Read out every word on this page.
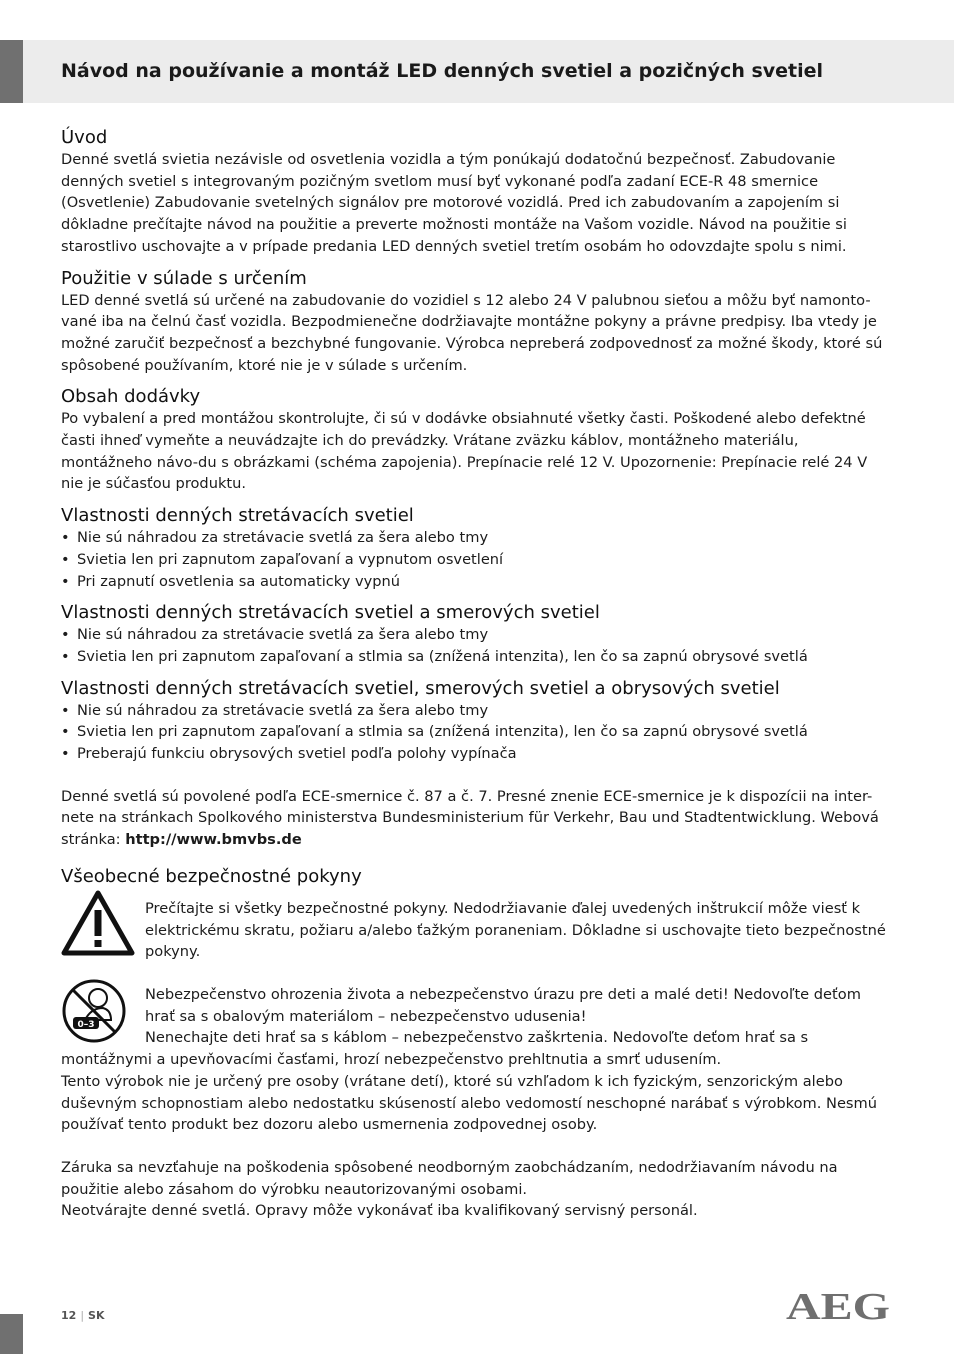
Návod na používanie a montáž LED denných svetiel a pozičných svetiel
Úvod

Denné svetlá svietia nezávisle od osvetlenia vozidla a tým ponúkajú dodatočnú bezpečnosť. Zabudovanie denných svetiel s integrovaným pozičným svetlom musí byť vykonané podľa zadaní ECE-R 48 smernice (Osvetlenie) Zabudovanie svetelných signálov pre motorové vozidlá. Pred ich zabudovaním a zapojením si dôkladne prečítajte návod na použitie a preverte možnosti montáže na Vašom vozidle. Návod na použitie si starostlivo uschovajte a v prípade predania LED denných svetiel tretím osobám ho odovzdajte spolu s nimi.

Použitie v súlade s určením

LED denné svetlá sú určené na zabudovanie do vozidiel s 12 alebo 24 V palubnou sieťou a môžu byť namonto-vané iba na čelnú časť vozidla. Bezpodmienečne dodržiavajte montážne pokyny a právne predpisy. Iba vtedy je možné zaručiť bezpečnosť a bezchybné fungovanie. Výrobca nepreberá zodpovednosť za možné škody, ktoré sú spôsobené používaním, ktoré nie je v súlade s určením.

Obsah dodávky

Po vybalení a pred montážou skontrolujte, či sú v dodávke obsiahnuté všetky časti. Poškodené alebo defektné časti ihneď vymeňte a neuvádzajte ich do prevádzky. Vrátane zväzku káblov, montážneho materiálu, montážneho návo-du s obrázkami (schéma zapojenia). Prepínacie relé 12 V. Upozornenie: Prepínacie relé 24 V nie je súčasťou produktu.

Vlastnosti denných stretávacích svetiel
• Nie sú náhradou za stretávacie svetlá za šera alebo tmy
• Svietia len pri zapnutom zapaľovaní a vypnutom osvetlení
• Pri zapnutí osvetlenia sa automaticky vypnú
Vlastnosti denných stretávacích svetiel a smerových svetiel
• Nie sú náhradou za stretávacie svetlá za šera alebo tmy
• Svietia len pri zapnutom zapaľovaní a stlmia sa (znížená intenzita), len čo sa zapnú obrysové svetlá
Vlastnosti denných stretávacích svetiel, smerových svetiel a obrysových svetiel
• Nie sú náhradou za stretávacie svetlá za šera alebo tmy
• Svietia len pri zapnutom zapaľovaní a stlmia sa (znížená intenzita), len čo sa zapnú obrysové svetlá
• Preberajú funkciu obrysových svetiel podľa polohy vypínača

Denné svetlá sú povolené podľa ECE-smernice č. 87 a č. 7. Presné znenie ECE-smernice je k dispozícii na inter-nete na stránkach Spolkového ministerstva Bundesministerium für Verkehr, Bau und Stadtentwicklung. Webová stránka: http://www.bmvbs.de

Všeobecné bezpečnostné pokyny

Prečítajte si všetky bezpečnostné pokyny. Nedodržiavanie ďalej uvedených inštrukcií môže viesť k elektrickému skratu, požiaru a/alebo ťažkým poraneniam. Dôkladne si uschovajte tieto bezpečnostné pokyny.

0–3

Nebezpečenstvo ohrozenia života a nebezpečenstvo úrazu pre deti a malé deti! Nedovoľte deťom hrať sa s obalovým materiálom – nebezpečenstvo udusenia!

Nenechajte deti hrať sa s káblom – nebezpečenstvo zaškrtenia. Nedovoľte deťom hrať sa s

montážnymi a upevňovacími časťami, hrozí nebezpečenstvo prehltnutia a smrť udusením.

Tento výrobok nie je určený pre osoby (vrátane detí), ktoré sú vzhľadom k ich fyzickým, senzorickým alebo duševným schopnostiam alebo nedostatku skúseností alebo vedomostí neschopné narábať s výrobkom. Nesmú používať tento produkt bez dozoru alebo usmernenia zodpovednej osoby.

Záruka sa nevzťahuje na poškodenia spôsobené neodborným zaobchádzaním, nedodržiavaním návodu na použitie alebo zásahom do výrobku neautorizovanými osobami.

Neotvárajte denné svetlá. Opravy môže vykonávať iba kvalifikovaný servisný personál.

12 | SK	AEG
